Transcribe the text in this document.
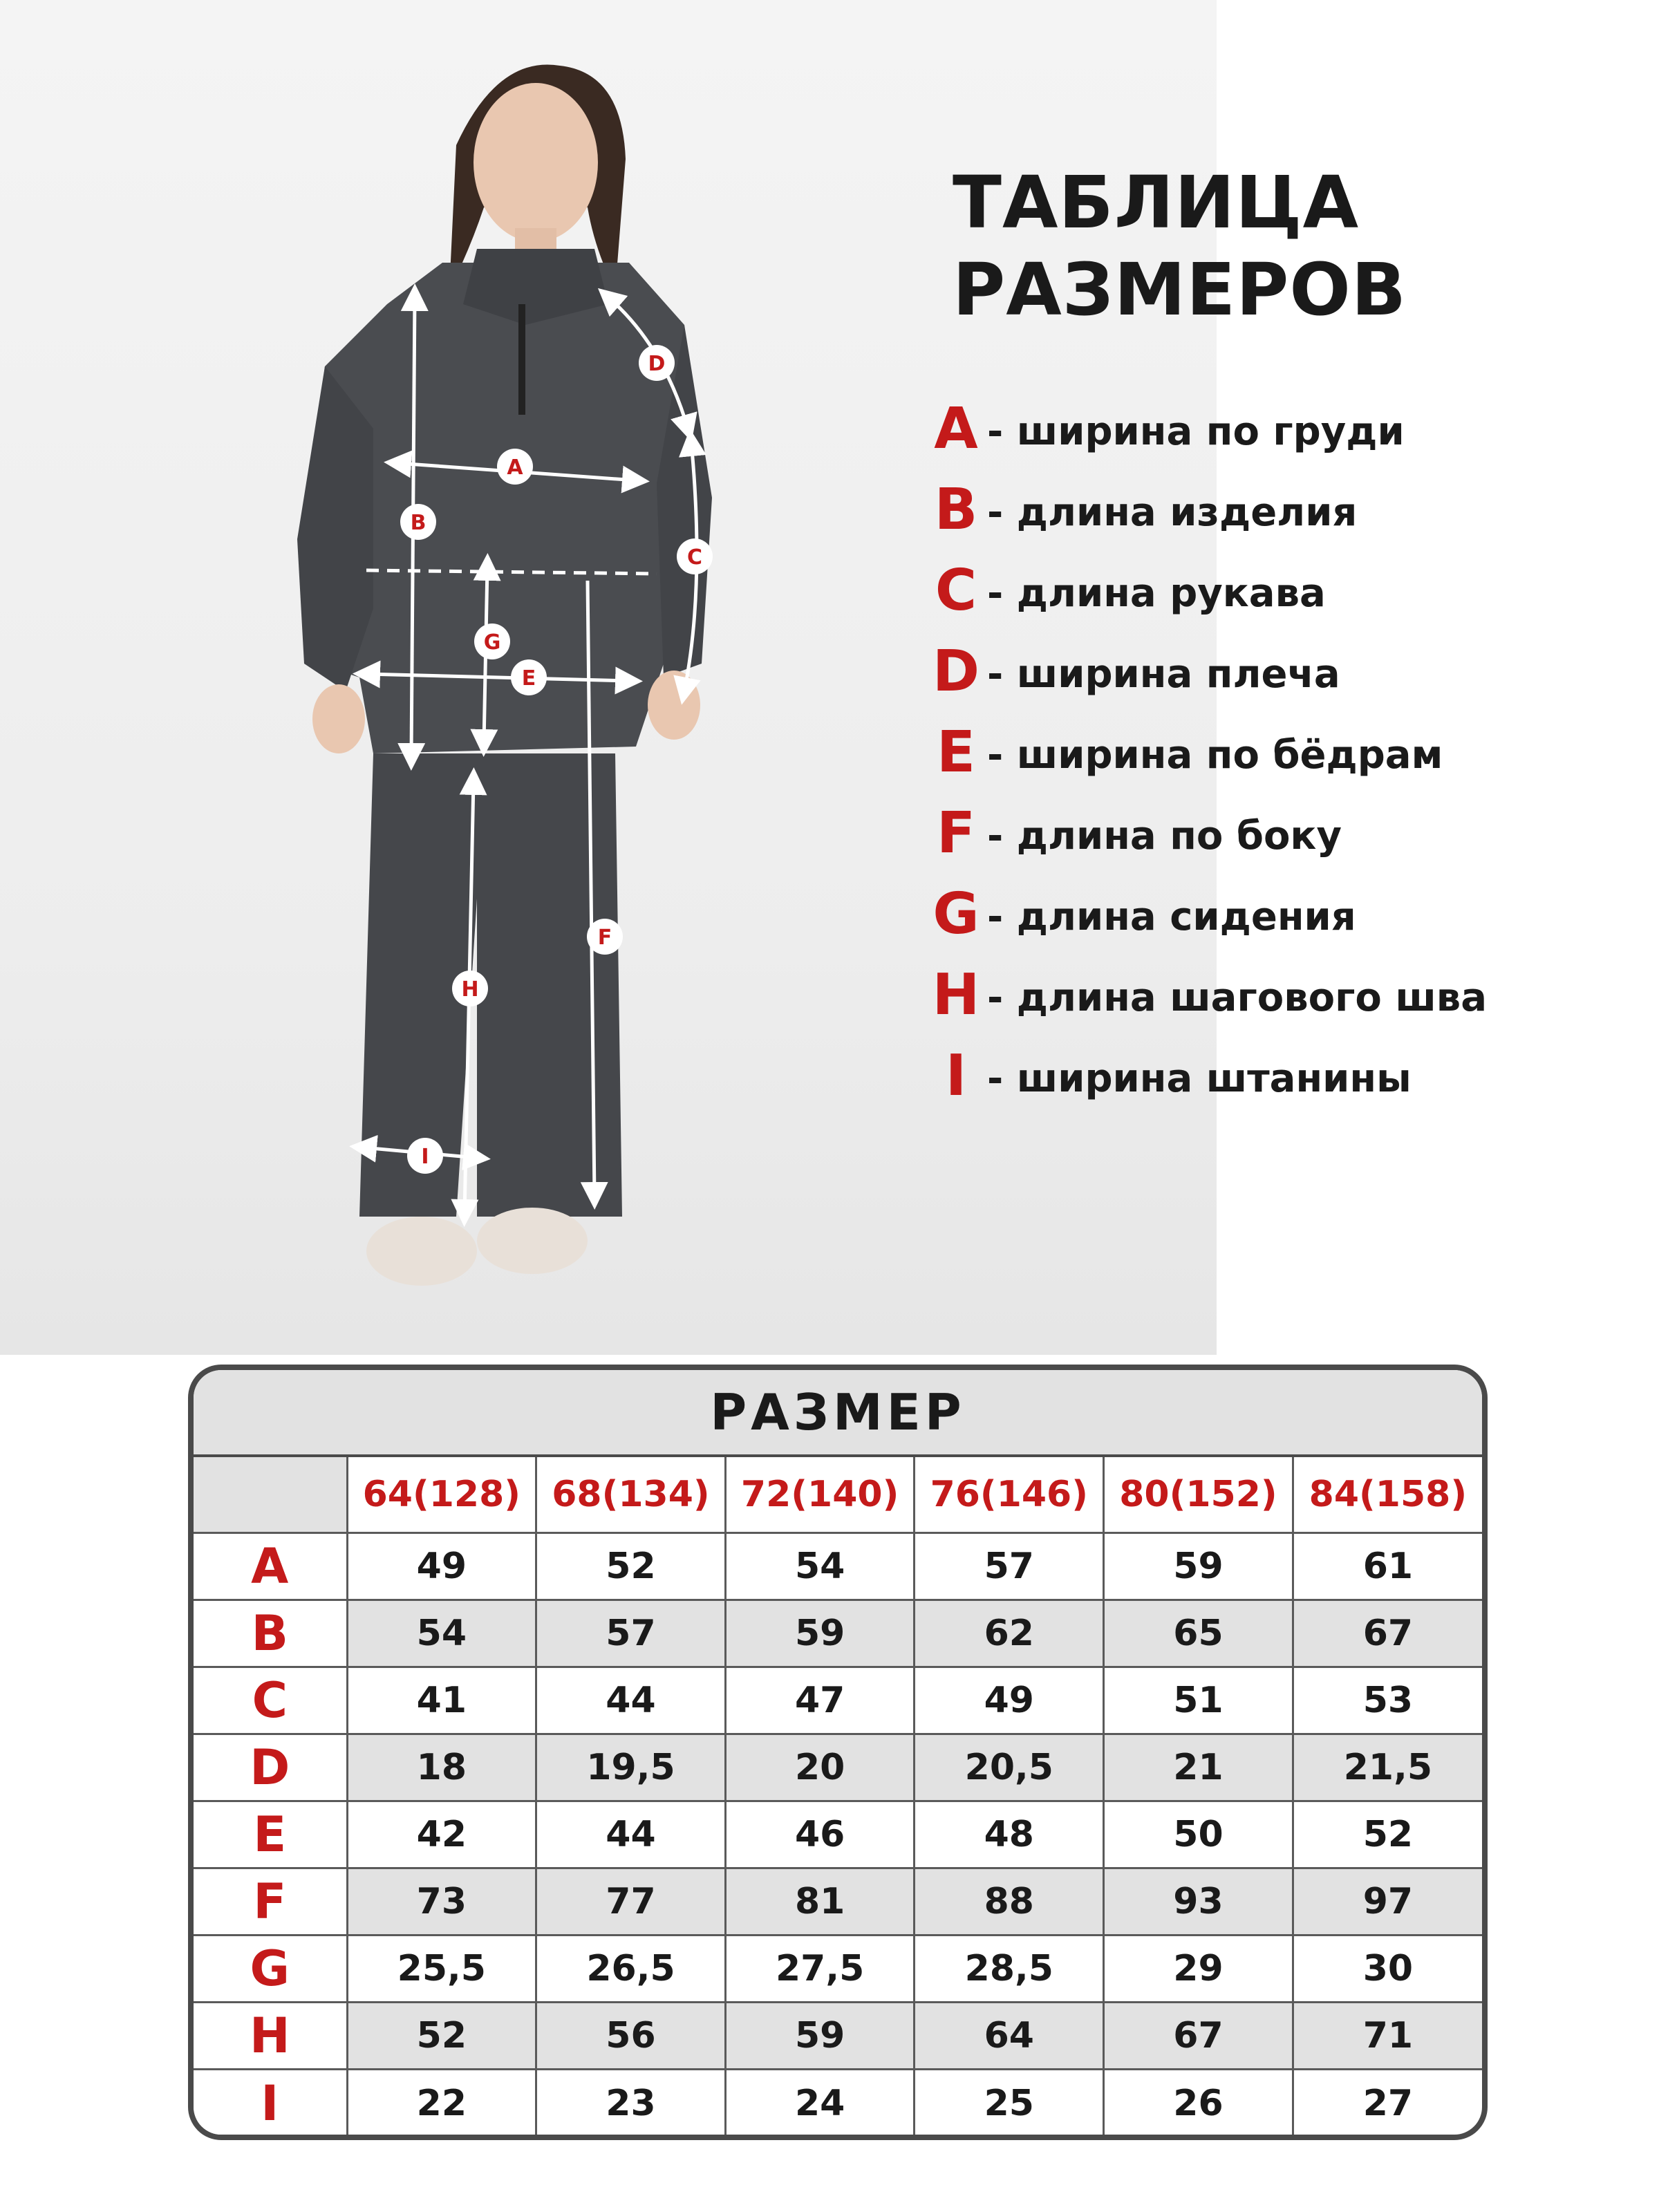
A
B
C
D
E
F
G
H
I
ТАБЛИЦА
РАЗМЕРОВ
A - ширина по груди
B - длина изделия
C - длина рукава
D - ширина плеча
E - ширина по бёдрам
F - длина по боку
G - длина сидения
H - длина шагового шва
I - ширина штанины
РАЗМЕР
	64(128)	68(134)	72(140)	76(146)	80(152)	84(158)
A	49	52	54	57	59	61
B	54	57	59	62	65	67
C	41	44	47	49	51	53
D	18	19,5	20	20,5	21	21,5
E	42	44	46	48	50	52
F	73	77	81	88	93	97
G	25,5	26,5	27,5	28,5	29	30
H	52	56	59	64	67	71
I	22	23	24	25	26	27
